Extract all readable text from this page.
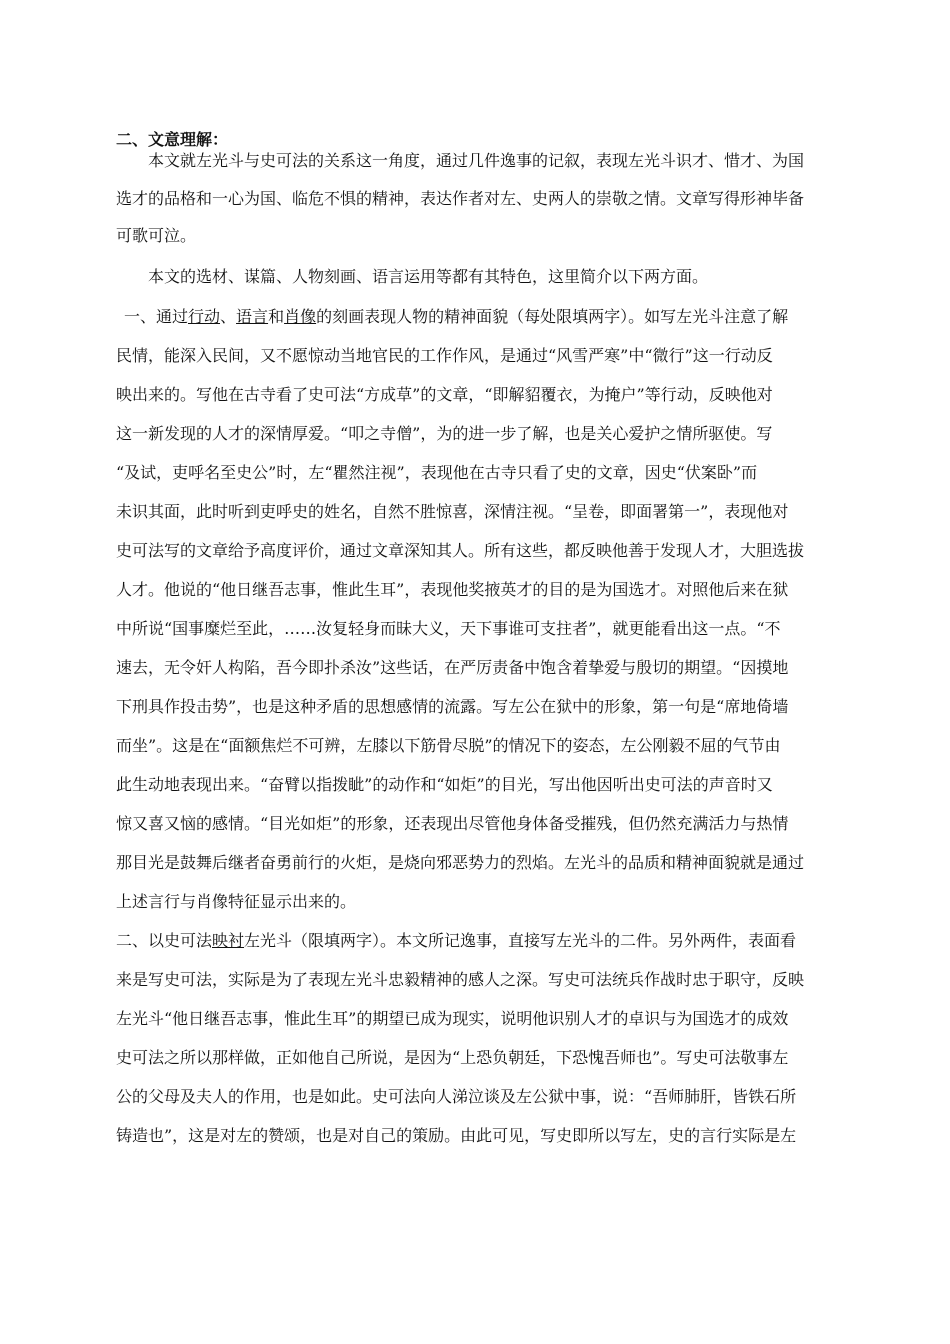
二、文意理解：
本文就左光斗与史可法的关系这一角度，通过几件逸事的记叙，表现左光斗识才、惜才、为国
选才的品格和一心为国、临危不惧的精神，表达作者对左、史两人的崇敬之情。文章写得形神毕备
可歌可泣。
本文的选材、谋篇、人物刻画、语言运用等都有其特色，这里简介以下两方面。
一、通过行动、语言和肖像的刻画表现人物的精神面貌（每处限填两字）。如写左光斗注意了解
民情，能深入民间，又不愿惊动当地官民的工作作风，是通过“风雪严寒”中“微行”这一行动反
映出来的。写他在古寺看了史可法“方成草”的文章，“即解貂覆衣，为掩户”等行动，反映他对
这一新发现的人才的深情厚爱。“叩之寺僧”，为的进一步了解，也是关心爱护之情所驱使。写
“及试，吏呼名至史公”时，左“瞿然注视”，表现他在古寺只看了史的文章，因史“伏案卧”而
未识其面，此时听到吏呼史的姓名，自然不胜惊喜，深情注视。“呈卷，即面署第一”，表现他对
史可法写的文章给予高度评价，通过文章深知其人。所有这些，都反映他善于发现人才，大胆选拔
人才。他说的“他日继吾志事，惟此生耳”，表现他奖掖英才的目的是为国选才。对照他后来在狱
中所说“国事糜烂至此，……汝复轻身而昧大义，天下事谁可支拄者”，就更能看出这一点。“不
速去，无令奸人构陷，吾今即扑杀汝”这些话，在严厉责备中饱含着挚爱与殷切的期望。“因摸地
下刑具作投击势”，也是这种矛盾的思想感情的流露。写左公在狱中的形象，第一句是“席地倚墙
而坐”。这是在“面额焦烂不可辨，左膝以下筋骨尽脱”的情况下的姿态，左公刚毅不屈的气节由
此生动地表现出来。“奋臂以指拨眦”的动作和“如炬”的目光，写出他因听出史可法的声音时又
惊又喜又恼的感情。“目光如炬”的形象，还表现出尽管他身体备受摧残，但仍然充满活力与热情
那目光是鼓舞后继者奋勇前行的火炬，是烧向邪恶势力的烈焰。左光斗的品质和精神面貌就是通过
上述言行与肖像特征显示出来的。
二、以史可法映衬左光斗（限填两字）。本文所记逸事，直接写左光斗的二件。另外两件，表面看
来是写史可法，实际是为了表现左光斗忠毅精神的感人之深。写史可法统兵作战时忠于职守，反映
左光斗“他日继吾志事，惟此生耳”的期望已成为现实，说明他识别人才的卓识与为国选才的成效
史可法之所以那样做，正如他自己所说，是因为“上恐负朝廷，下恐愧吾师也”。写史可法敬事左
公的父母及夫人的作用，也是如此。史可法向人涕泣谈及左公狱中事，说：“吾师肺肝，皆铁石所
铸造也”，这是对左的赞颂，也是对自己的策励。由此可见，写史即所以写左，史的言行实际是左
